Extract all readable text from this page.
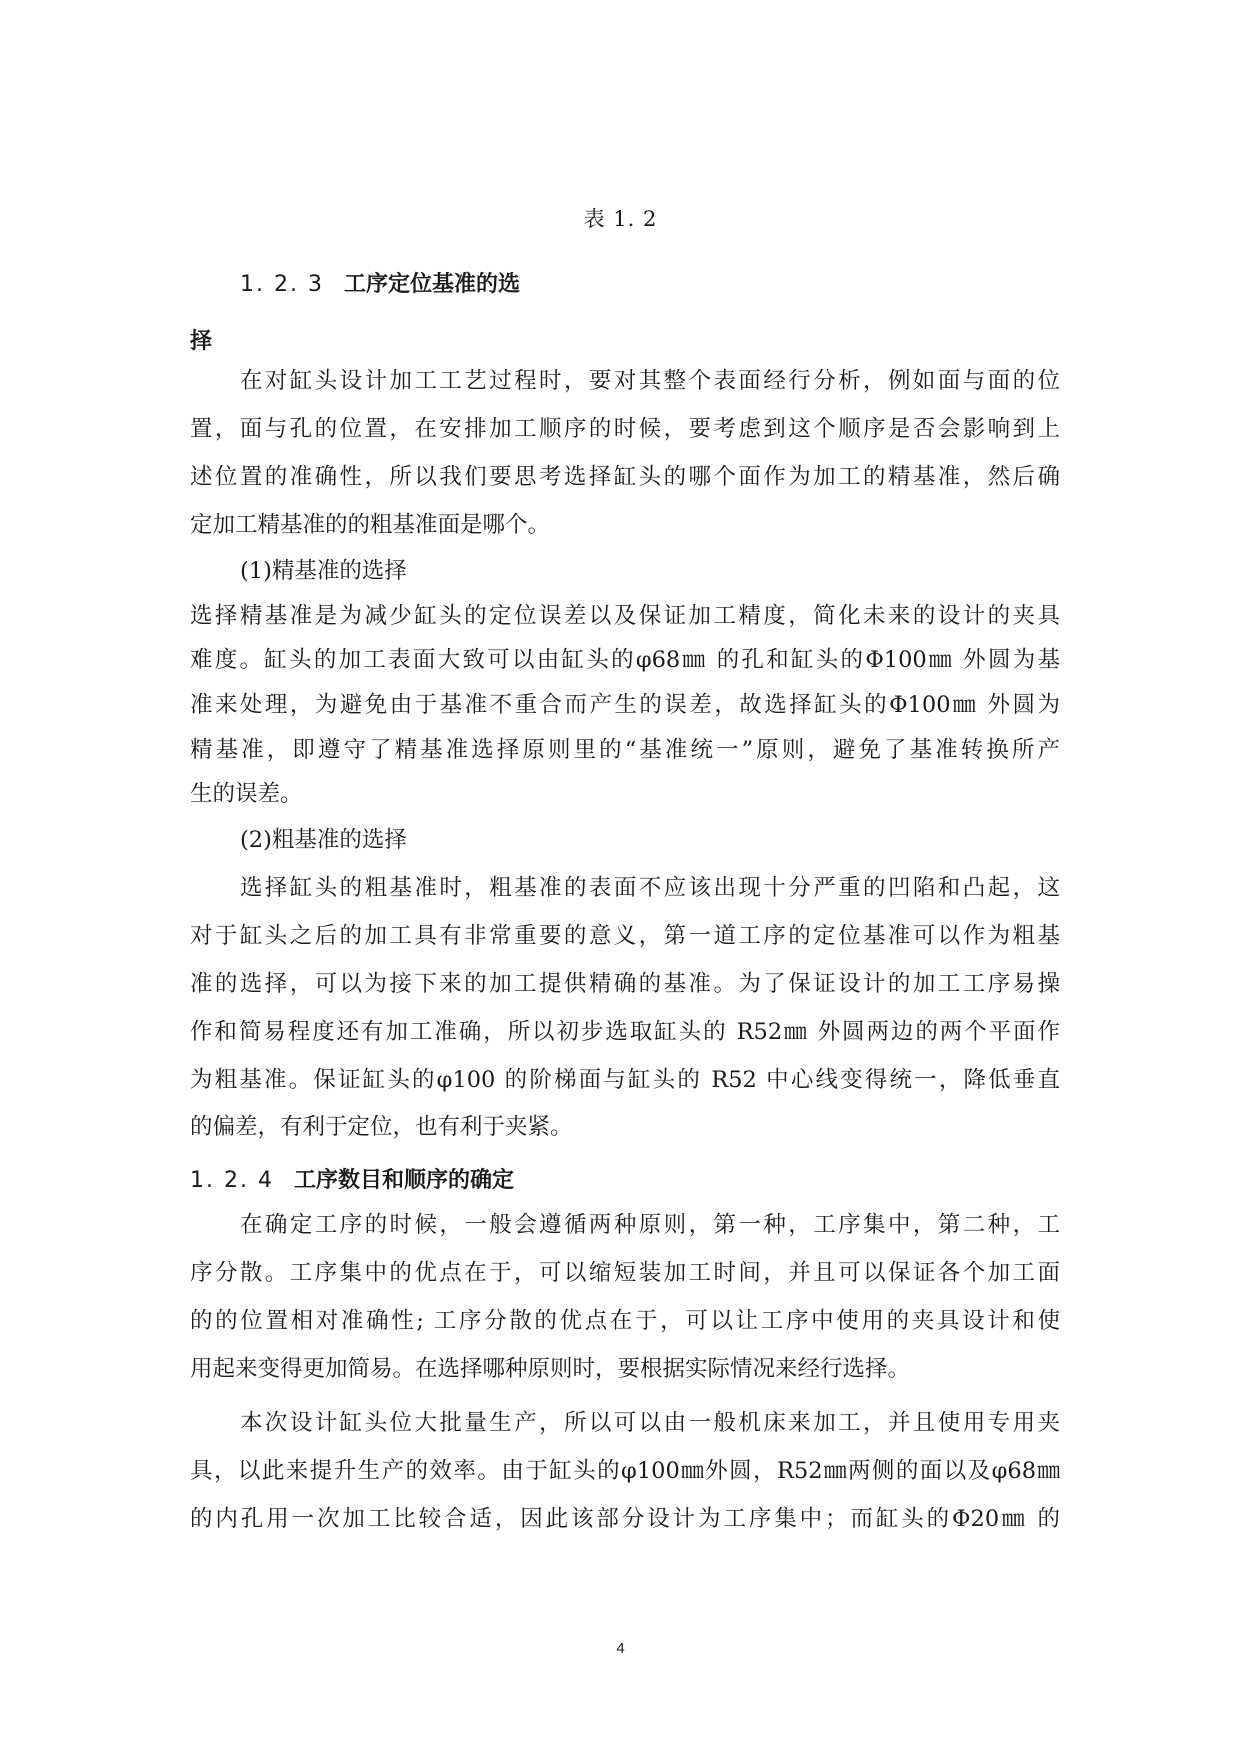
表 1. 2
1. 2. 3 工序定位基准的选
择
在对缸头设计加工工艺过程时，要对其整个表面经行分析，例如面与面的位
置，面与孔的位置，在安排加工顺序的时候，要考虑到这个顺序是否会影响到上
述位置的准确性，所以我们要思考选择缸头的哪个面作为加工的精基准，然后确
定加工精基准的的粗基准面是哪个。
(1)精基准的选择
选择精基准是为减少缸头的定位误差以及保证加工精度，简化未来的设计的夹具
难度。缸头的加工表面大致可以由缸头的φ68㎜ 的孔和缸头的Φ100㎜ 外圆为基
准来处理，为避免由于基准不重合而产生的误差，故选择缸头的Φ100㎜ 外圆为
精基准，即遵守了精基准选择原则里的“基准统一”原则，避免了基准转换所产
生的误差。
(2)粗基准的选择
选择缸头的粗基准时，粗基准的表面不应该出现十分严重的凹陷和凸起，这
对于缸头之后的加工具有非常重要的意义，第一道工序的定位基准可以作为粗基
准的选择，可以为接下来的加工提供精确的基准。为了保证设计的加工工序易操
作和简易程度还有加工准确，所以初步选取缸头的 R52㎜ 外圆两边的两个平面作
为粗基准。保证缸头的φ100 的阶梯面与缸头的 R52 中心线变得统一，降低垂直
的偏差，有利于定位，也有利于夹紧。
1. 2. 4 工序数目和顺序的确定
在确定工序的时候，一般会遵循两种原则，第一种，工序集中，第二种，工
序分散。工序集中的优点在于，可以缩短装加工时间，并且可以保证各个加工面
的的位置相对准确性; 工序分散的优点在于，可以让工序中使用的夹具设计和使
用起来变得更加简易。在选择哪种原则时，要根据实际情况来经行选择。
本次设计缸头位大批量生产，所以可以由一般机床来加工，并且使用专用夹
具，以此来提升生产的效率。由于缸头的φ100㎜外圆，R52㎜两侧的面以及φ68㎜
的内孔用一次加工比较合适，因此该部分设计为工序集中；而缸头的Φ20㎜ 的
4
